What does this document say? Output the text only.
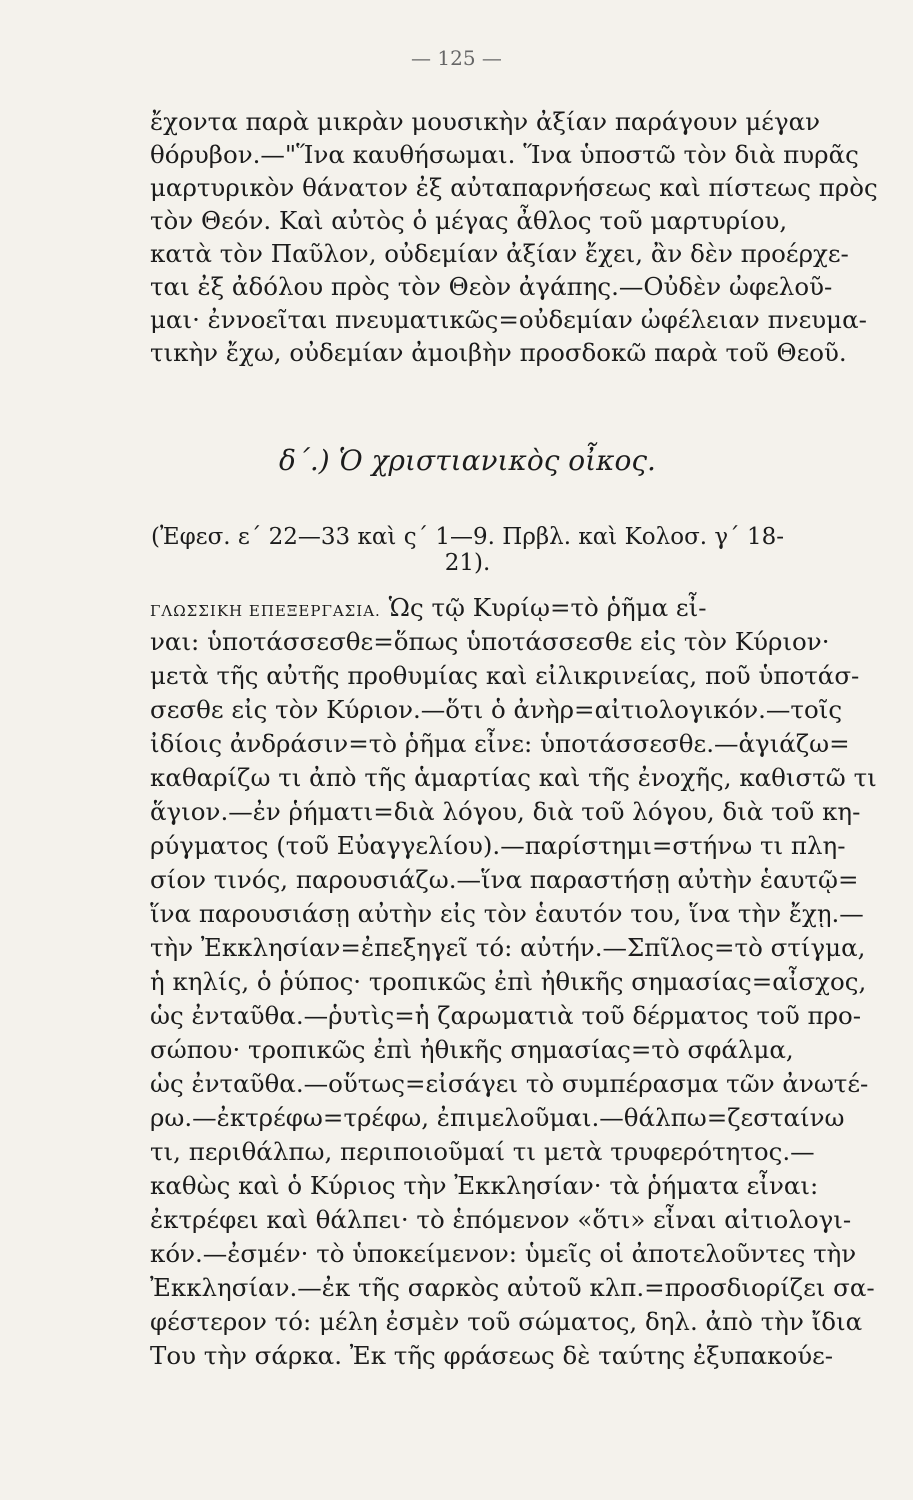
— 125 —
ἔχοντα παρὰ μικρὰν μουσικὴν ἀξίαν παράγουν μέγαν
θόρυβον.—"Ἵνα καυθήσωμαι. Ἵνα ὑποστῶ τὸν διὰ πυρᾶς
μαρτυρικὸν θάνατον ἐξ αὐταπαρνήσεως καὶ πίστεως πρὸς
τὸν Θεόν. Καὶ αὐτὸς ὁ μέγας ἆθλος τοῦ μαρτυρίου,
κατὰ τὸν Παῦλον, οὐδεμίαν ἀξίαν ἔχει, ἂν δὲν προέρχε-
ται ἐξ ἀδόλου πρὸς τὸν Θεὸν ἀγάπης.—Οὐδὲν ὠφελοῦ-
μαι· ἐννοεῖται πνευματικῶς=οὐδεμίαν ὠφέλειαν πνευμα-
τικὴν ἔχω, οὐδεμίαν ἀμοιβὴν προσδοκῶ παρὰ τοῦ Θεοῦ.
δ΄.) Ὁ χριστιανικὸς οἶκος.
(Ἐφεσ. ε΄ 22—33 καὶ ς΄ 1—9. Πρβλ. καὶ Κολοσ. γ΄ 18-21).
ΓΛΩΣΣΙΚΗ ΕΠΕΞΕΡΓΑΣΙΑ. Ὡς τῷ Κυρίῳ=τὸ ῥῆμα εἶ-
ναι: ὑποτάσσεσθε=ὅπως ὑποτάσσεσθε εἰς τὸν Κύριον·
μετὰ τῆς αὐτῆς προθυμίας καὶ εἰλικρινείας, ποῦ ὑποτάσ-
σεσθε εἰς τὸν Κύριον.—ὅτι ὁ ἀνὴρ=αἰτιολογικόν.—τοῖς
ἰδίοις ἀνδράσιν=τὸ ῥῆμα εἶνε: ὑποτάσσεσθε.—ἁγιάζω=
καθαρίζω τι ἀπὸ τῆς ἁμαρτίας καὶ τῆς ἐνοχῆς, καθιστῶ τι
ἅγιον.—ἐν ῥήματι=διὰ λόγου, διὰ τοῦ λόγου, διὰ τοῦ κη-
ρύγματος (τοῦ Εὐαγγελίου).—παρίστημι=στήνω τι πλη-
σίον τινός, παρουσιάζω.—ἵνα παραστήσῃ αὐτὴν ἑαυτῷ=
ἵνα παρουσιάσῃ αὐτὴν εἰς τὸν ἑαυτόν του, ἵνα τὴν ἔχῃ.—
τὴν Ἐκκλησίαν=ἐπεξηγεῖ τό: αὐτήν.—Σπῖλος=τὸ στίγμα,
ἡ κηλίς, ὁ ῥύπος· τροπικῶς ἐπὶ ἠθικῆς σημασίας=αἶσχος,
ὡς ἐνταῦθα.—ῥυτὶς=ἡ ζαρωματιὰ τοῦ δέρματος τοῦ προ-
σώπου· τροπικῶς ἐπὶ ἠθικῆς σημασίας=τὸ σφάλμα,
ὡς ἐνταῦθα.—οὕτως=εἰσάγει τὸ συμπέρασμα τῶν ἀνωτέ-
ρω.—ἐκτρέφω=τρέφω, ἐπιμελοῦμαι.—θάλπω=ζεσταίνω
τι, περιθάλπω, περιποιοῦμαί τι μετὰ τρυφερότητος.—
καθὼς καὶ ὁ Κύριος τὴν Ἐκκλησίαν· τὰ ῥήματα εἶναι:
ἐκτρέφει καὶ θάλπει· τὸ ἑπόμενον «ὅτι» εἶναι αἰτιολογι-
κόν.—ἐσμέν· τὸ ὑποκείμενον: ὑμεῖς οἱ ἀποτελοῦντες τὴν
Ἐκκλησίαν.—ἐκ τῆς σαρκὸς αὐτοῦ κλπ.=προσδιορίζει σα-
φέστερον τό: μέλη ἐσμὲν τοῦ σώματος, δηλ. ἀπὸ τὴν ἴδια
Του τὴν σάρκα. Ἐκ τῆς φράσεως δὲ ταύτης ἐξυπακούε-
